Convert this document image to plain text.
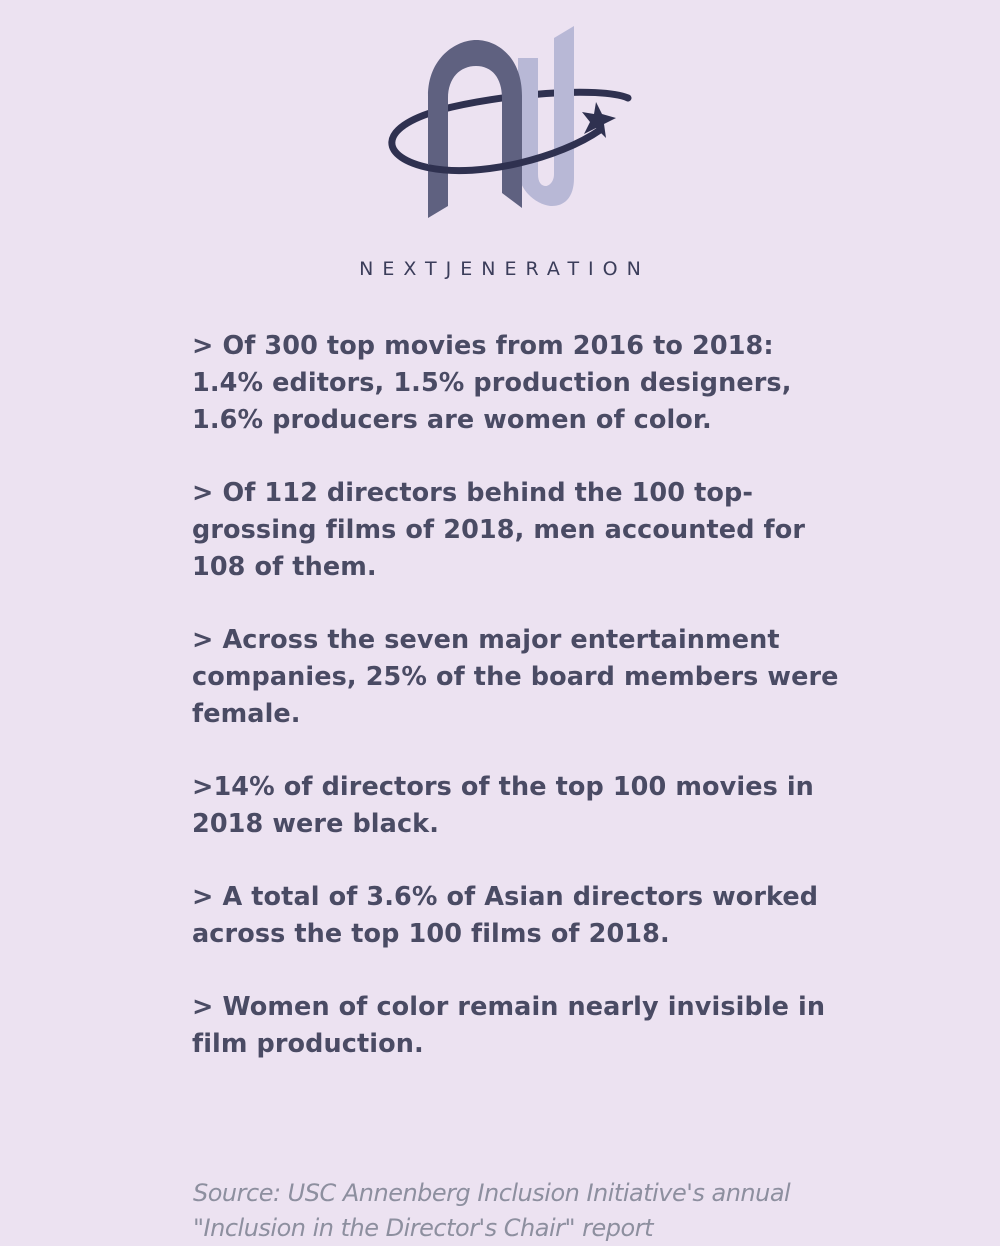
NEXTJENERATION

> Of 300 top movies from 2016 to 2018: 1.4% editors, 1.5% production designers, 1.6% producers are women of color.

> Of 112 directors behind the 100 top-grossing films of 2018, men accounted for 108 of them.

> Across the seven major entertainment companies, 25% of the board members were female.

>14% of directors of the top 100 movies in 2018 were black.

> A total of 3.6% of Asian directors worked across the top 100 films of 2018.

> Women of color remain nearly invisible in film production.

Source: USC Annenberg Inclusion Initiative's annual "Inclusion in the Director's Chair" report
